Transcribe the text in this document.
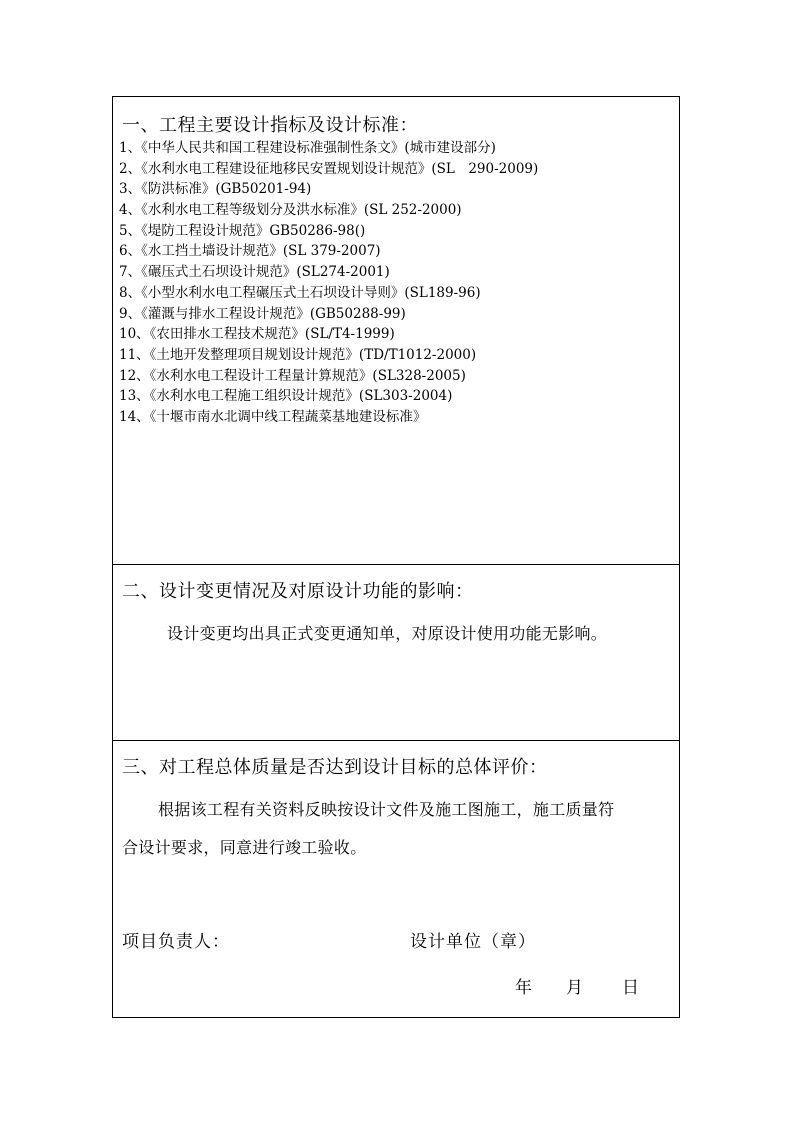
一、工程主要设计指标及设计标准：
1、《中华人民共和国工程建设标准强制性条文》(城市建设部分)
2、《水利水电工程建设征地移民安置规划设计规范》(SL　290-2009)
3、《防洪标准》(GB50201-94)
4、《水利水电工程等级划分及洪水标准》(SL 252-2000)
5、《堤防工程设计规范》GB50286-98()
6、《水工挡土墙设计规范》(SL 379-2007)
7、《碾压式土石坝设计规范》(SL274-2001)
8、《小型水利水电工程碾压式土石坝设计导则》(SL189-96)
9、《灌溉与排水工程设计规范》(GB50288-99)
10、《农田排水工程技术规范》(SL/T4-1999)
11、《土地开发整理项目规划设计规范》(TD/T1012-2000)
12、《水利水电工程设计工程量计算规范》(SL328-2005)
13、《水利水电工程施工组织设计规范》(SL303-2004)
14、《十堰市南水北调中线工程蔬菜基地建设标准》
二、设计变更情况及对原设计功能的影响：
设计变更均出具正式变更通知单，对原设计使用功能无影响。
三、对工程总体质量是否达到设计目标的总体评价：
根据该工程有关资料反映按设计文件及施工图施工，施工质量符
合设计要求，同意进行竣工验收。
项目负责人：	设计单位（章）
年 月 日
